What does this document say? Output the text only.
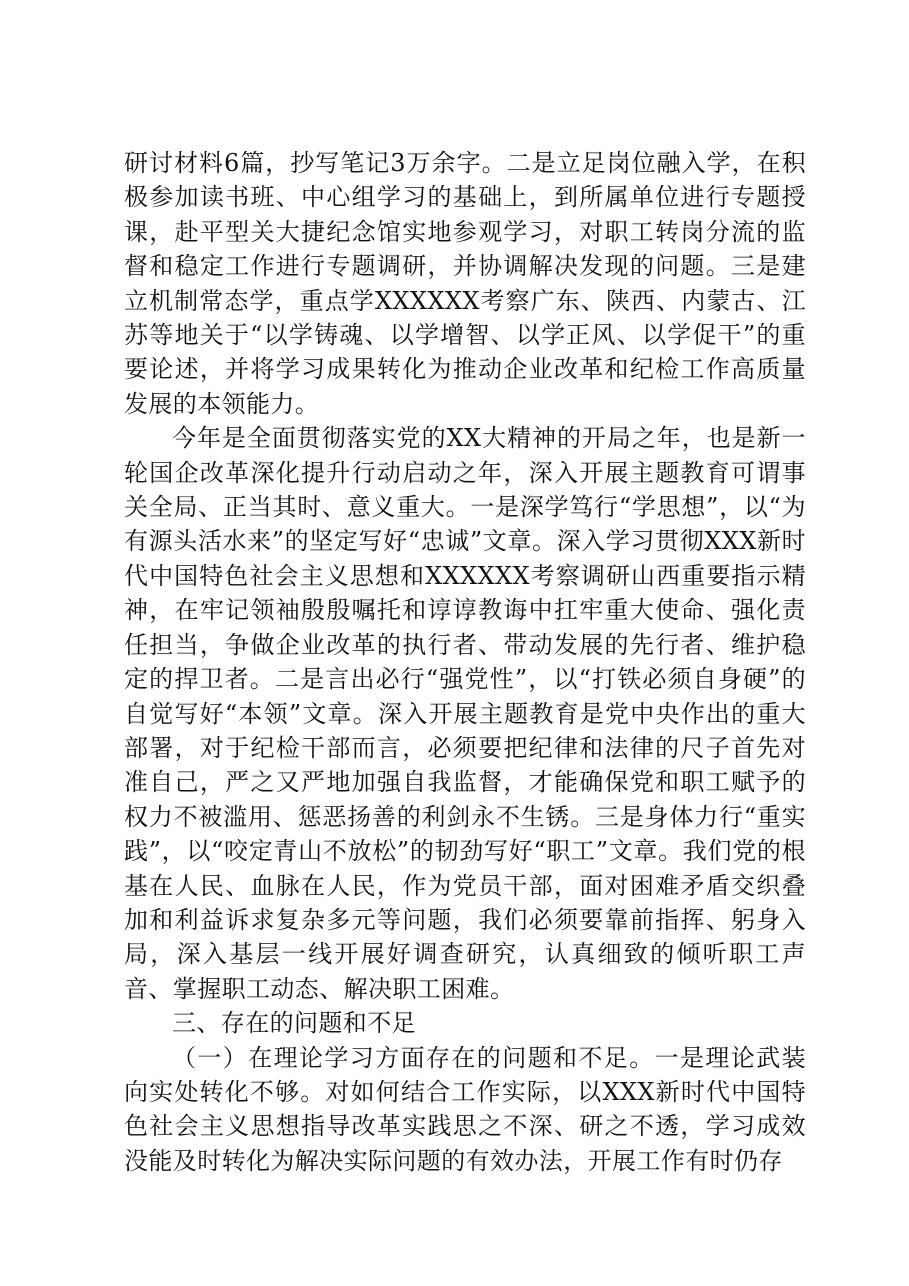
研讨材料6篇，抄写笔记3万余字。二是立足岗位融入学，在积极参加读书班、中心组学习的基础上，到所属单位进行专题授课，赴平型关大捷纪念馆实地参观学习，对职工转岗分流的监督和稳定工作进行专题调研，并协调解决发现的问题。三是建立机制常态学，重点学XXXXXX考察广东、陕西、内蒙古、江苏等地关于“以学铸魂、以学增智、以学正风、以学促干”的重要论述，并将学习成果转化为推动企业改革和纪检工作高质量发展的本领能力。

今年是全面贯彻落实党的XX大精神的开局之年，也是新一轮国企改革深化提升行动启动之年，深入开展主题教育可谓事关全局、正当其时、意义重大。一是深学笃行“学思想”，以“为有源头活水来”的坚定写好“忠诚”文章。深入学习贯彻XXX新时代中国特色社会主义思想和XXXXXX考察调研山西重要指示精神，在牢记领袖殷殷嘱托和谆谆教诲中扛牢重大使命、强化责任担当，争做企业改革的执行者、带动发展的先行者、维护稳定的捍卫者。二是言出必行“强党性”，以“打铁必须自身硬”的自觉写好“本领”文章。深入开展主题教育是党中央作出的重大部署，对于纪检干部而言，必须要把纪律和法律的尺子首先对准自己，严之又严地加强自我监督，才能确保党和职工赋予的权力不被滥用、惩恶扬善的利剑永不生锈。三是身体力行“重实践”，以“咬定青山不放松”的韧劲写好“职工”文章。我们党的根基在人民、血脉在人民，作为党员干部，面对困难矛盾交织叠加和利益诉求复杂多元等问题，我们必须要靠前指挥、躬身入局，深入基层一线开展好调查研究，认真细致的倾听职工声音、掌握职工动态、解决职工困难。

三、存在的问题和不足

（一）在理论学习方面存在的问题和不足。一是理论武装向实处转化不够。对如何结合工作实际，以XXX新时代中国特色社会主义思想指导改革实践思之不深、研之不透，学习成效没能及时转化为解决实际问题的有效办法，开展工作有时仍存
